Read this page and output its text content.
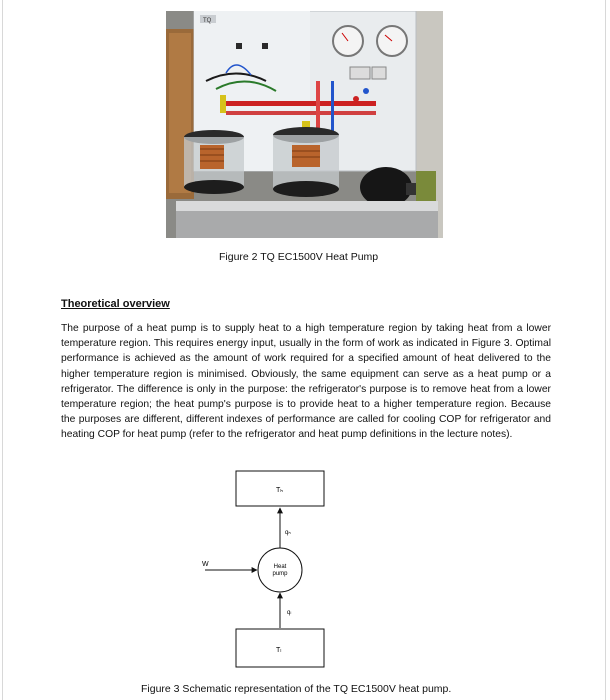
TQ
Figure 2 TQ EC1500V Heat Pump
Theoretical overview
The purpose of a heat pump is to supply heat to a high temperature region by taking heat from a lower temperature region. This requires energy input, usually in the form of work as indicated in Figure 3. Optimal performance is achieved as the amount of work required for a specified amount of heat delivered to the higher temperature region is minimised. Obviously, the same equipment can serve as a heat pump or a refrigerator. The difference is only in the purpose: the refrigerator's purpose is to remove heat from a lower temperature region; the heat pump's purpose is to provide heat to a higher temperature region. Because the purposes are different, different indexes of performance are called for cooling COP for refrigerator and heating COP for heat pump (refer to the refrigerator and heat pump definitions in the lecture notes).
Tₕ
qₕ
Heat
pump
W
qₗ
Tₗ
Figure 3 Schematic representation of the TQ EC1500V heat pump.
